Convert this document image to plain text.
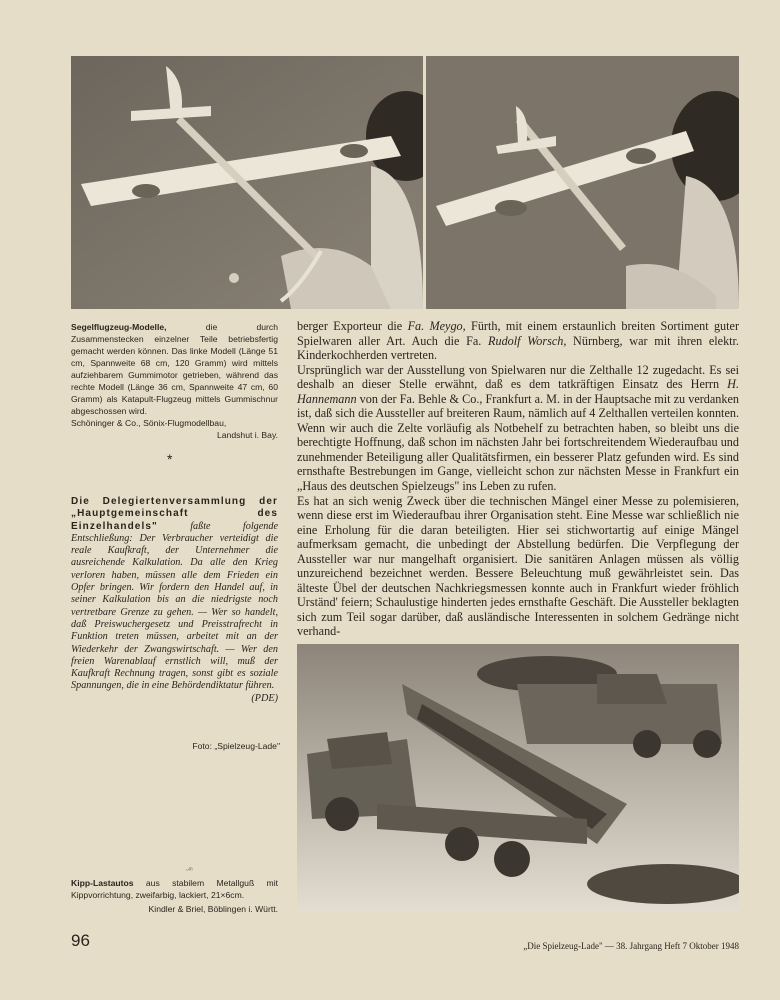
Segelflugzeug-Modelle, die durch Zusammenstecken einzelner Teile betriebsfertig gemacht werden können. Das linke Modell (Länge 51 cm, Spannweite 68 cm, 120 Gramm) wird mittels aufziehbarem Gummimotor getrieben, während das rechte Modell (Länge 36 cm, Spannweite 47 cm, 60 Gramm) als Katapult-Flugzeug mittels Gummischnur abgeschossen wird.
Schöninger & Co., Sönix-Flugmodellbau,
Landshut i. Bay.
*
Die Delegiertenversammlung der „Hauptgemeinschaft des Einzelhandels" faßte folgende Entschließung: Der Verbraucher verteidigt die reale Kaufkraft, der Unternehmer die ausreichende Kalkulation. Da alle den Krieg verloren haben, müssen alle dem Frieden ein Opfer bringen. Wir fordern den Handel auf, in seiner Kalkulation bis an die niedrigste noch vertretbare Grenze zu gehen. — Wer so handelt, daß Preiswuchergesetz und Preisstrafrecht in Funktion treten müssen, arbeitet mit an der Wiederkehr der Zwangswirtschaft. — Wer den freien Warenablauf ernstlich will, muß der Kaufkraft Rechnung tragen, sonst gibt es soziale Spannungen, die in eine Behördendiktatur führen.
(PDE)
Foto: „Spielzeug-Lade"
ᵕᵐ
Kipp-Lastautos aus stabilem Metallguß mit Kippvorrichtung, zweifarbig, lackiert, 21×6cm.
Kindler & Briel, Böblingen i. Württ.

berger Exporteur die Fa. Meygo, Fürth, mit einem erstaunlich breiten Sortiment guter Spielwaren aller Art. Auch die Fa. Rudolf Worsch, Nürnberg, war mit ihren elektr. Kinderkochherden vertreten.

Ursprünglich war der Ausstellung von Spielwaren nur die Zelthalle 12 zugedacht. Es sei deshalb an dieser Stelle erwähnt, daß es dem tatkräftigen Einsatz des Herrn H. Hannemann von der Fa. Behle & Co., Frankfurt a. M. in der Hauptsache mit zu verdanken ist, daß sich die Aussteller auf breiteren Raum, nämlich auf 4 Zelthallen verteilen konnten. Wenn wir auch die Zelte vorläufig als Notbehelf zu betrachten haben, so bleibt uns die berechtigte Hoffnung, daß schon im nächsten Jahr bei fortschreitendem Wiederaufbau und zunehmender Beteiligung aller Qualitätsfirmen, ein besserer Platz gefunden wird. Es sind ernsthafte Bestrebungen im Gange, vielleicht schon zur nächsten Messe in Frankfurt ein „Haus des deutschen Spielzeugs" ins Leben zu rufen.

Es hat an sich wenig Zweck über die technischen Mängel einer Messe zu polemisieren, wenn diese erst im Wiederaufbau ihrer Organisation steht. Eine Messe war schließlich nie eine Erholung für die daran beteiligten. Hier sei stichwortartig auf einige Mängel aufmerksam gemacht, die unbedingt der Abstellung bedürfen. Die Verpflegung der Aussteller war nur mangelhaft organisiert. Die sanitären Anlagen müssen als völlig unzureichend bezeichnet werden. Bessere Beleuchtung muß gewährleistet sein. Das älteste Übel der deutschen Nachkriegsmessen konnte auch in Frankfurt wieder fröhlich Urständ' feiern; Schaulustige hinderten jedes ernsthafte Geschäft. Die Aussteller beklagten sich zum Teil sogar darüber, daß ausländische Interessenten in solchem Gedränge nicht verhand-

96	„Die Spielzeug-Lade" — 38. Jahrgang Heft 7 Oktober 1948
